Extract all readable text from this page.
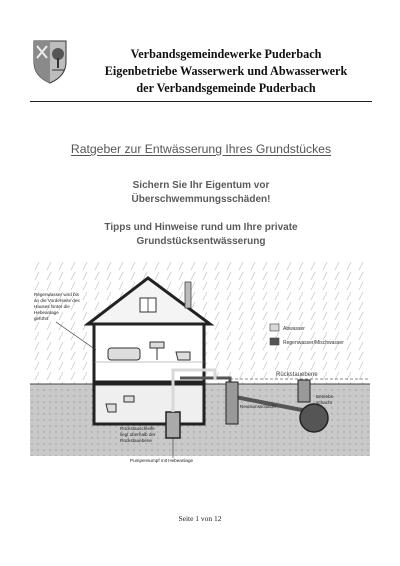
Verbandsgemeindewerke Puderbach
Eigenbetriebe Wasserwerk und Abwasserwerk
der Verbandsgemeinde Puderbach
Ratgeber zur Entwässerung Ihres Grundstückes
Sichern Sie Ihr Eigentum vor
Überschwemmungsschäden!
Tipps und Hinweise rund um Ihre private
Grundstücksentwässerung
Abwasser
Regenwasser/Mischwasser
Regenwasser wird bis
an die Vorderseite des
Hauses hinter die
Hebeanlage
geführt
Rückstauebene
Revisionsschacht
Betriebs-
schacht
Rückstauschleife
liegt oberhalb der
Rückstauebene
Pumpensumpf mit Hebeanlage
Seite 1 von 12
